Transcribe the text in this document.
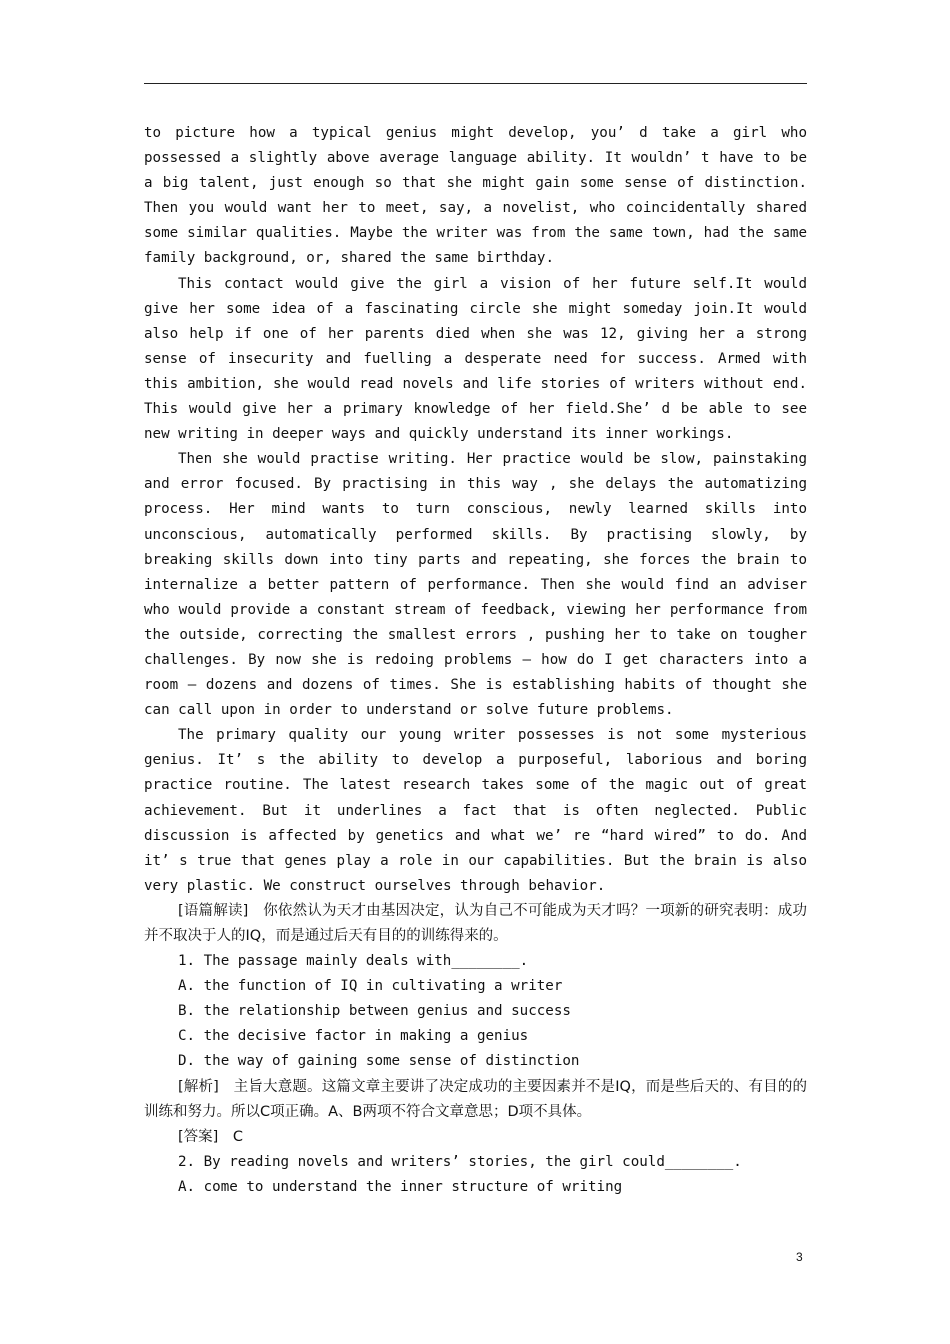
to picture how a typical genius might develop, you’ d take a girl who possessed a slightly above average language ability. It wouldn’ t have to be a big talent, just enough so that she might gain some sense of distinction. Then you would want her to meet, say, a novelist, who coincidentally shared some similar qualities. Maybe the writer was from the same town, had the same family background, or, shared the same birthday.

This contact would give the girl a vision of her future self.It would give her some idea of a fascinating circle she might someday join.It would also help if one of her parents died when she was 12, giving her a strong sense of insecurity and fuelling a desperate need for success. Armed with this ambition, she would read novels and life stories of writers without end. This would give her a primary knowledge of her field.She’ d be able to see new writing in deeper ways and quickly understand its inner workings.

Then she would practise writing. Her practice would be slow, painstaking and error focused. By practising in this way , she delays the automatizing process. Her mind wants to turn conscious, newly learned skills into unconscious, automatically performed skills. By practising slowly, by breaking skills down into tiny parts and repeating, she forces the brain to internalize a better pattern of performance. Then she would find an adviser who would provide a constant stream of feedback, viewing her performance from the outside, correcting the smallest errors , pushing her to take on tougher challenges. By now she is redoing problems — how do I get characters into a room — dozens and dozens of times. She is establishing habits of thought she can call upon in order to understand or solve future problems.

The primary quality our young writer possesses is not some mysterious genius. It’ s the ability to develop a purposeful, laborious and boring practice routine. The latest research takes some of the magic out of great achievement. But it underlines a fact that is often neglected. Public discussion is affected by genetics and what we’ re “hard wired” to do. And it’ s true that genes play a role in our capabilities. But the brain is also very plastic. We construct ourselves through behavior.

[语篇解读]　你依然认为天才由基因决定，认为自己不可能成为天才吗？一项新的研究表明：成功并不取决于人的IQ，而是通过后天有目的的训练得来的。

1. The passage mainly deals with________.

A. the function of IQ in cultivating a writer

B. the relationship between genius and success

C. the decisive factor in making a genius

D. the way of gaining some sense of distinction

[解析]　主旨大意题。这篇文章主要讲了决定成功的主要因素并不是IQ，而是些后天的、有目的的训练和努力。所以C项正确。A、B两项不符合文章意思；D项不具体。

[答案]　C

2. By reading novels and writers’ stories, the girl could________.

A. come to understand the inner structure of writing

3
